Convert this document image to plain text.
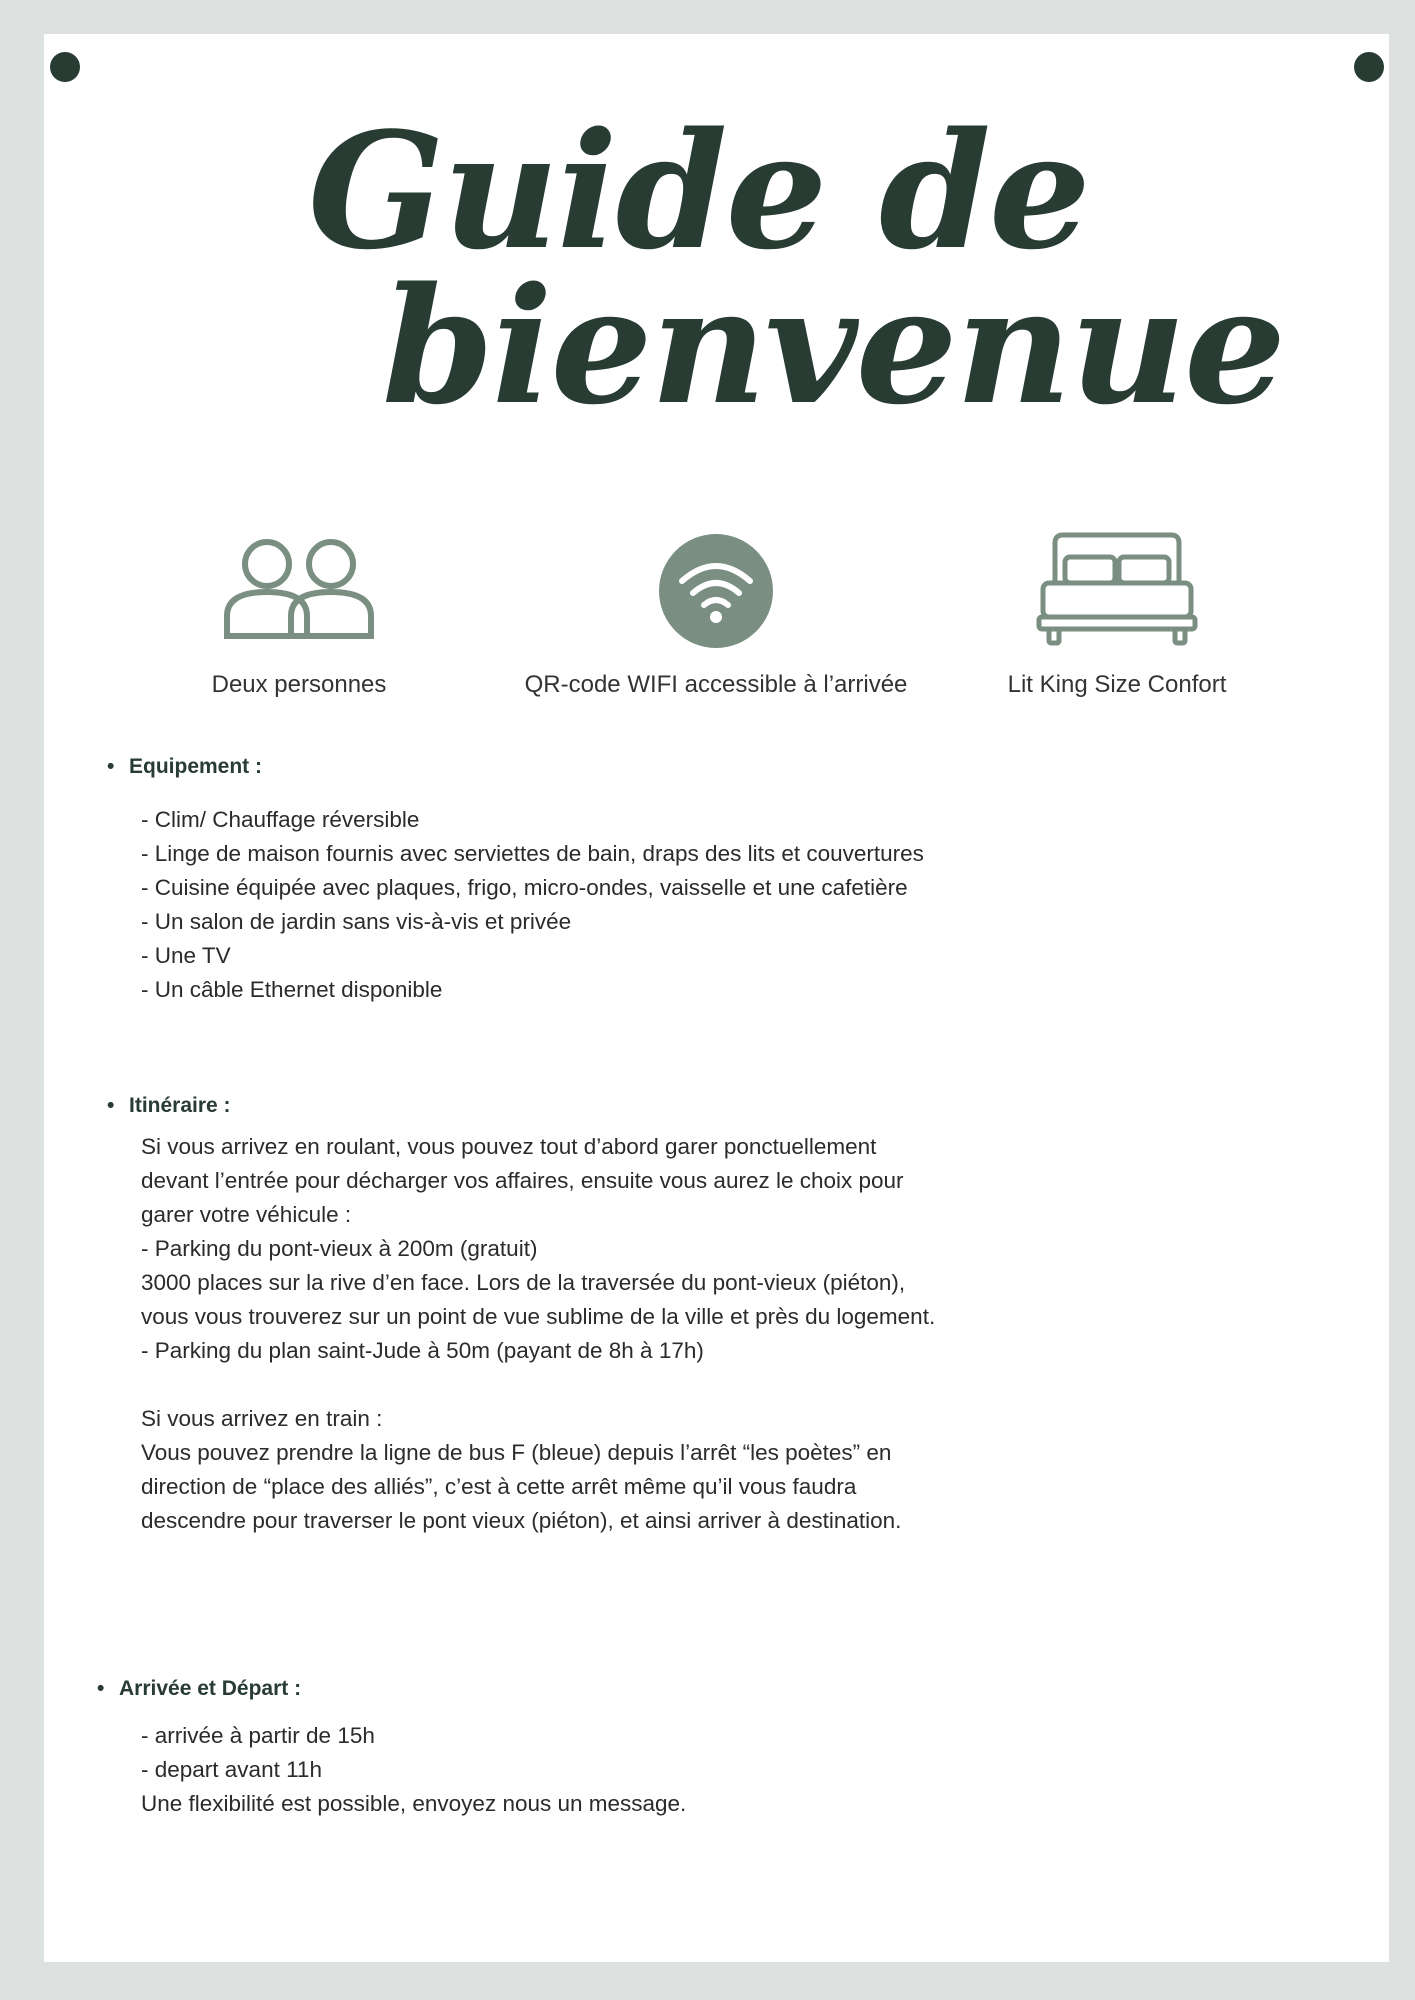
Guide de
bienvenue
Deux personnes	QR-code WIFI accessible à l’arrivée	Lit King Size Confort
• Equipement :
- Clim/ Chauffage réversible
- Linge de maison fournis avec serviettes de bain, draps des lits et couvertures
- Cuisine équipée avec plaques, frigo, micro-ondes, vaisselle et une cafetière
- Un salon de jardin sans vis-à-vis et privée
- Une TV
- Un câble Ethernet disponible
• Itinéraire :
Si vous arrivez en roulant, vous pouvez tout d’abord garer ponctuellement
devant l’entrée pour décharger vos affaires, ensuite vous aurez le choix pour
garer votre véhicule :
- Parking du pont-vieux à 200m (gratuit)
3000 places sur la rive d’en face. Lors de la traversée du pont-vieux (piéton),
vous vous trouverez sur un point de vue sublime de la ville et près du logement.
- Parking du plan saint-Jude à 50m (payant de 8h à 17h)
Si vous arrivez en train :
Vous pouvez prendre la ligne de bus F (bleue) depuis l’arrêt “les poètes” en
direction de “place des alliés”, c’est à cette arrêt même qu’il vous faudra
descendre pour traverser le pont vieux (piéton), et ainsi arriver à destination.
• Arrivée et Départ :
- arrivée à partir de 15h
- depart avant 11h
Une flexibilité est possible, envoyez nous un message.
